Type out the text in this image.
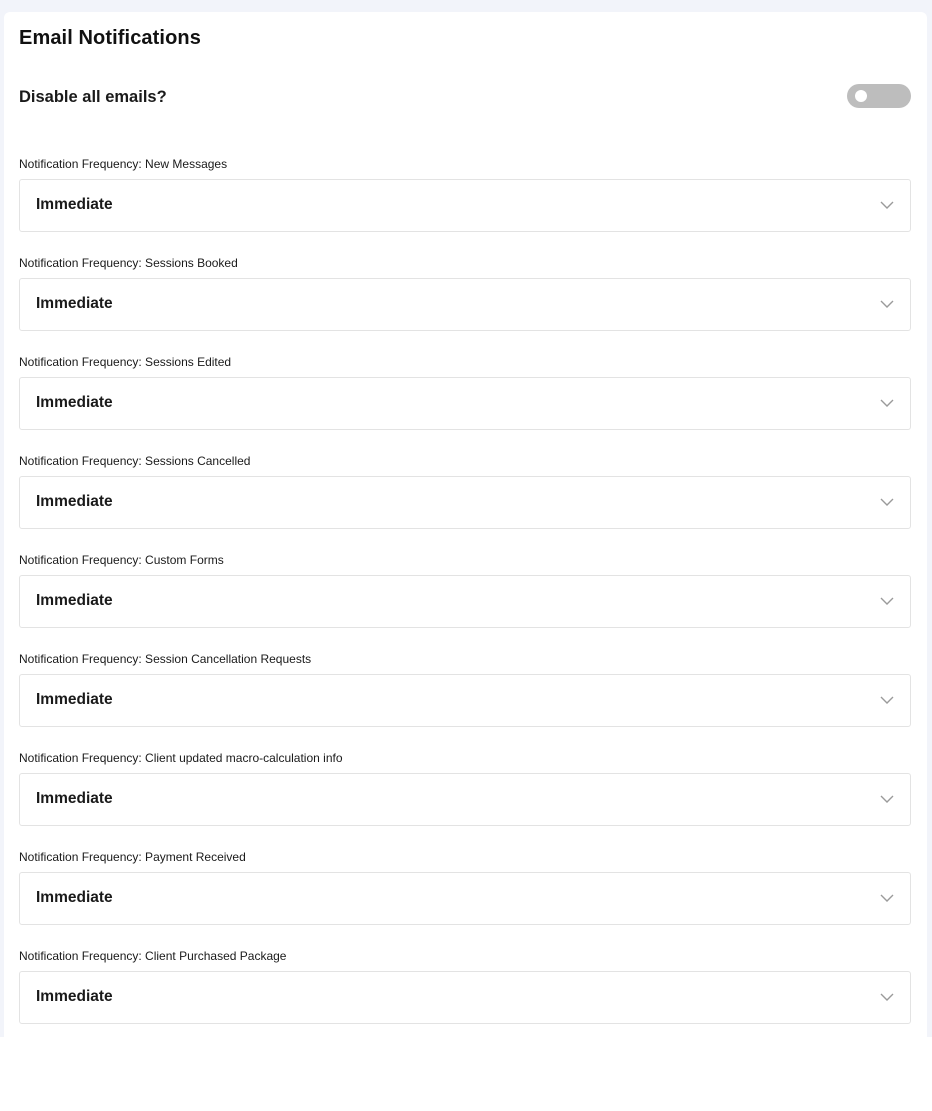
Email Notifications
Disable all emails?
Notification Frequency: New Messages
Immediate
Notification Frequency: Sessions Booked
Immediate
Notification Frequency: Sessions Edited
Immediate
Notification Frequency: Sessions Cancelled
Immediate
Notification Frequency: Custom Forms
Immediate
Notification Frequency: Session Cancellation Requests
Immediate
Notification Frequency: Client updated macro-calculation info
Immediate
Notification Frequency: Payment Received
Immediate
Notification Frequency: Client Purchased Package
Immediate
